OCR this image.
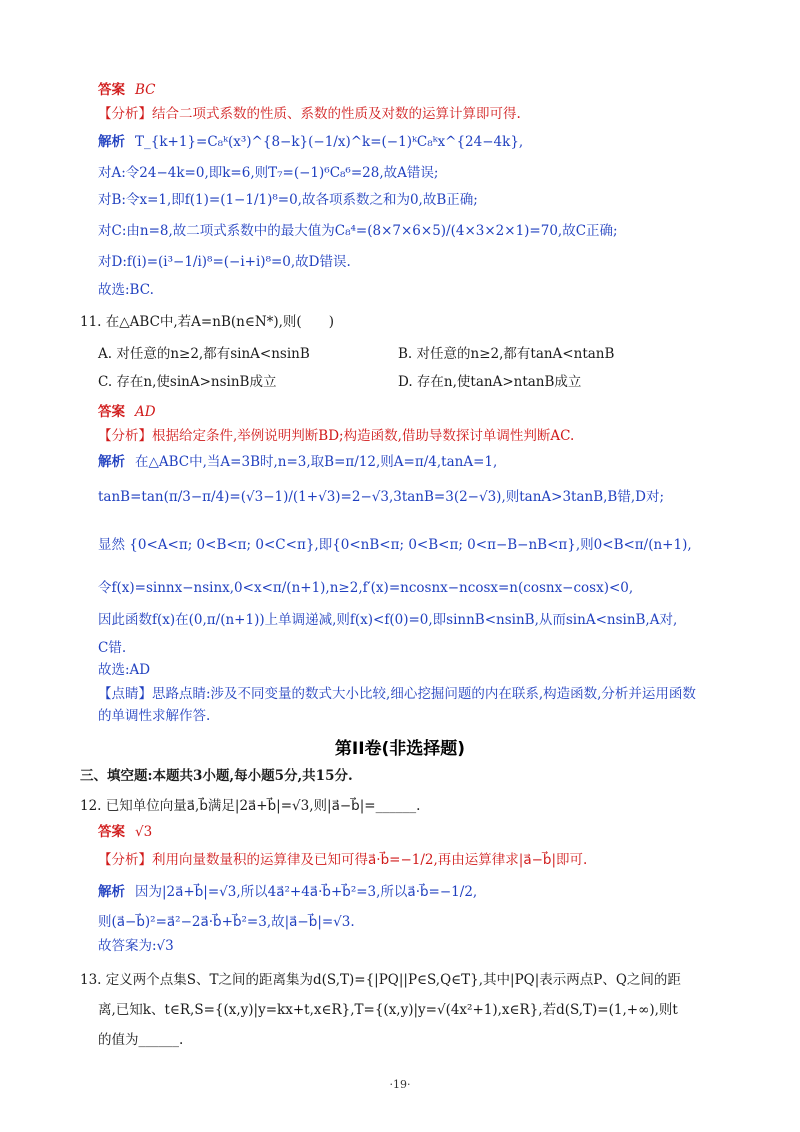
答案 BC
【分析】结合二项式系数的性质、系数的性质及对数的运算计算即可得.
解析 T_{k+1}=C₈ᵏ(x³)^{8−k}(−1/x)^k=(−1)ᵏC₈ᵏx^{24−4k},
对A:令24−4k=0,即k=6,则T₇=(−1)⁶C₈⁶=28,故A错误;
对B:令x=1,即f(1)=(1−1/1)⁸=0,故各项系数之和为0,故B正确;
对C:由n=8,故二项式系数中的最大值为C₈⁴=(8×7×6×5)/(4×3×2×1)=70,故C正确;
对D:f(i)=(i³−1/i)⁸=(−i+i)⁸=0,故D错误.
故选:BC.
11. 在△ABC中,若A=nB(n∈N*),则(　　)
A. 对任意的n≥2,都有sinA<nsinB	B. 对任意的n≥2,都有tanA<ntanB
C. 存在n,使sinA>nsinB成立	D. 存在n,使tanA>ntanB成立
答案 AD
【分析】根据给定条件,举例说明判断BD;构造函数,借助导数探讨单调性判断AC.
解析 在△ABC中,当A=3B时,n=3,取B=π/12,则A=π/4,tanA=1,
tanB=tan(π/3−π/4)=(√3−1)/(1+√3)=2−√3,3tanB=3(2−√3),则tanA>3tanB,B错,D对;
显然 {0<A<π; 0<B<π; 0<C<π},即{0<nB<π; 0<B<π; 0<π−B−nB<π},则0<B<π/(n+1),
令f(x)=sinnx−nsinx,0<x<π/(n+1),n≥2,f′(x)=ncosnx−ncosx=n(cosnx−cosx)<0,
因此函数f(x)在(0,π/(n+1))上单调递减,则f(x)<f(0)=0,即sinnB<nsinB,从而sinA<nsinB,A对,
C错.
故选:AD
【点睛】思路点睛:涉及不同变量的数式大小比较,细心挖掘问题的内在联系,构造函数,分析并运用函数
的单调性求解作答.
第II卷(非选择题)
三、填空题:本题共3小题,每小题5分,共15分.
12. 已知单位向量a⃗,b⃗满足|2a⃗+b⃗|=√3,则|a⃗−b⃗|=______.
答案 √3
【分析】利用向量数量积的运算律及已知可得a⃗·b⃗=−1/2,再由运算律求|a⃗−b⃗|即可.
解析 因为|2a⃗+b⃗|=√3,所以4a⃗²+4a⃗·b⃗+b⃗²=3,所以a⃗·b⃗=−1/2,
则(a⃗−b⃗)²=a⃗²−2a⃗·b⃗+b⃗²=3,故|a⃗−b⃗|=√3.
故答案为:√3
13. 定义两个点集S、T之间的距离集为d(S,T)={|PQ||P∈S,Q∈T},其中|PQ|表示两点P、Q之间的距
离,已知k、t∈R,S={(x,y)|y=kx+t,x∈R},T={(x,y)|y=√(4x²+1),x∈R},若d(S,T)=(1,+∞),则t
的值为______.
·19·
